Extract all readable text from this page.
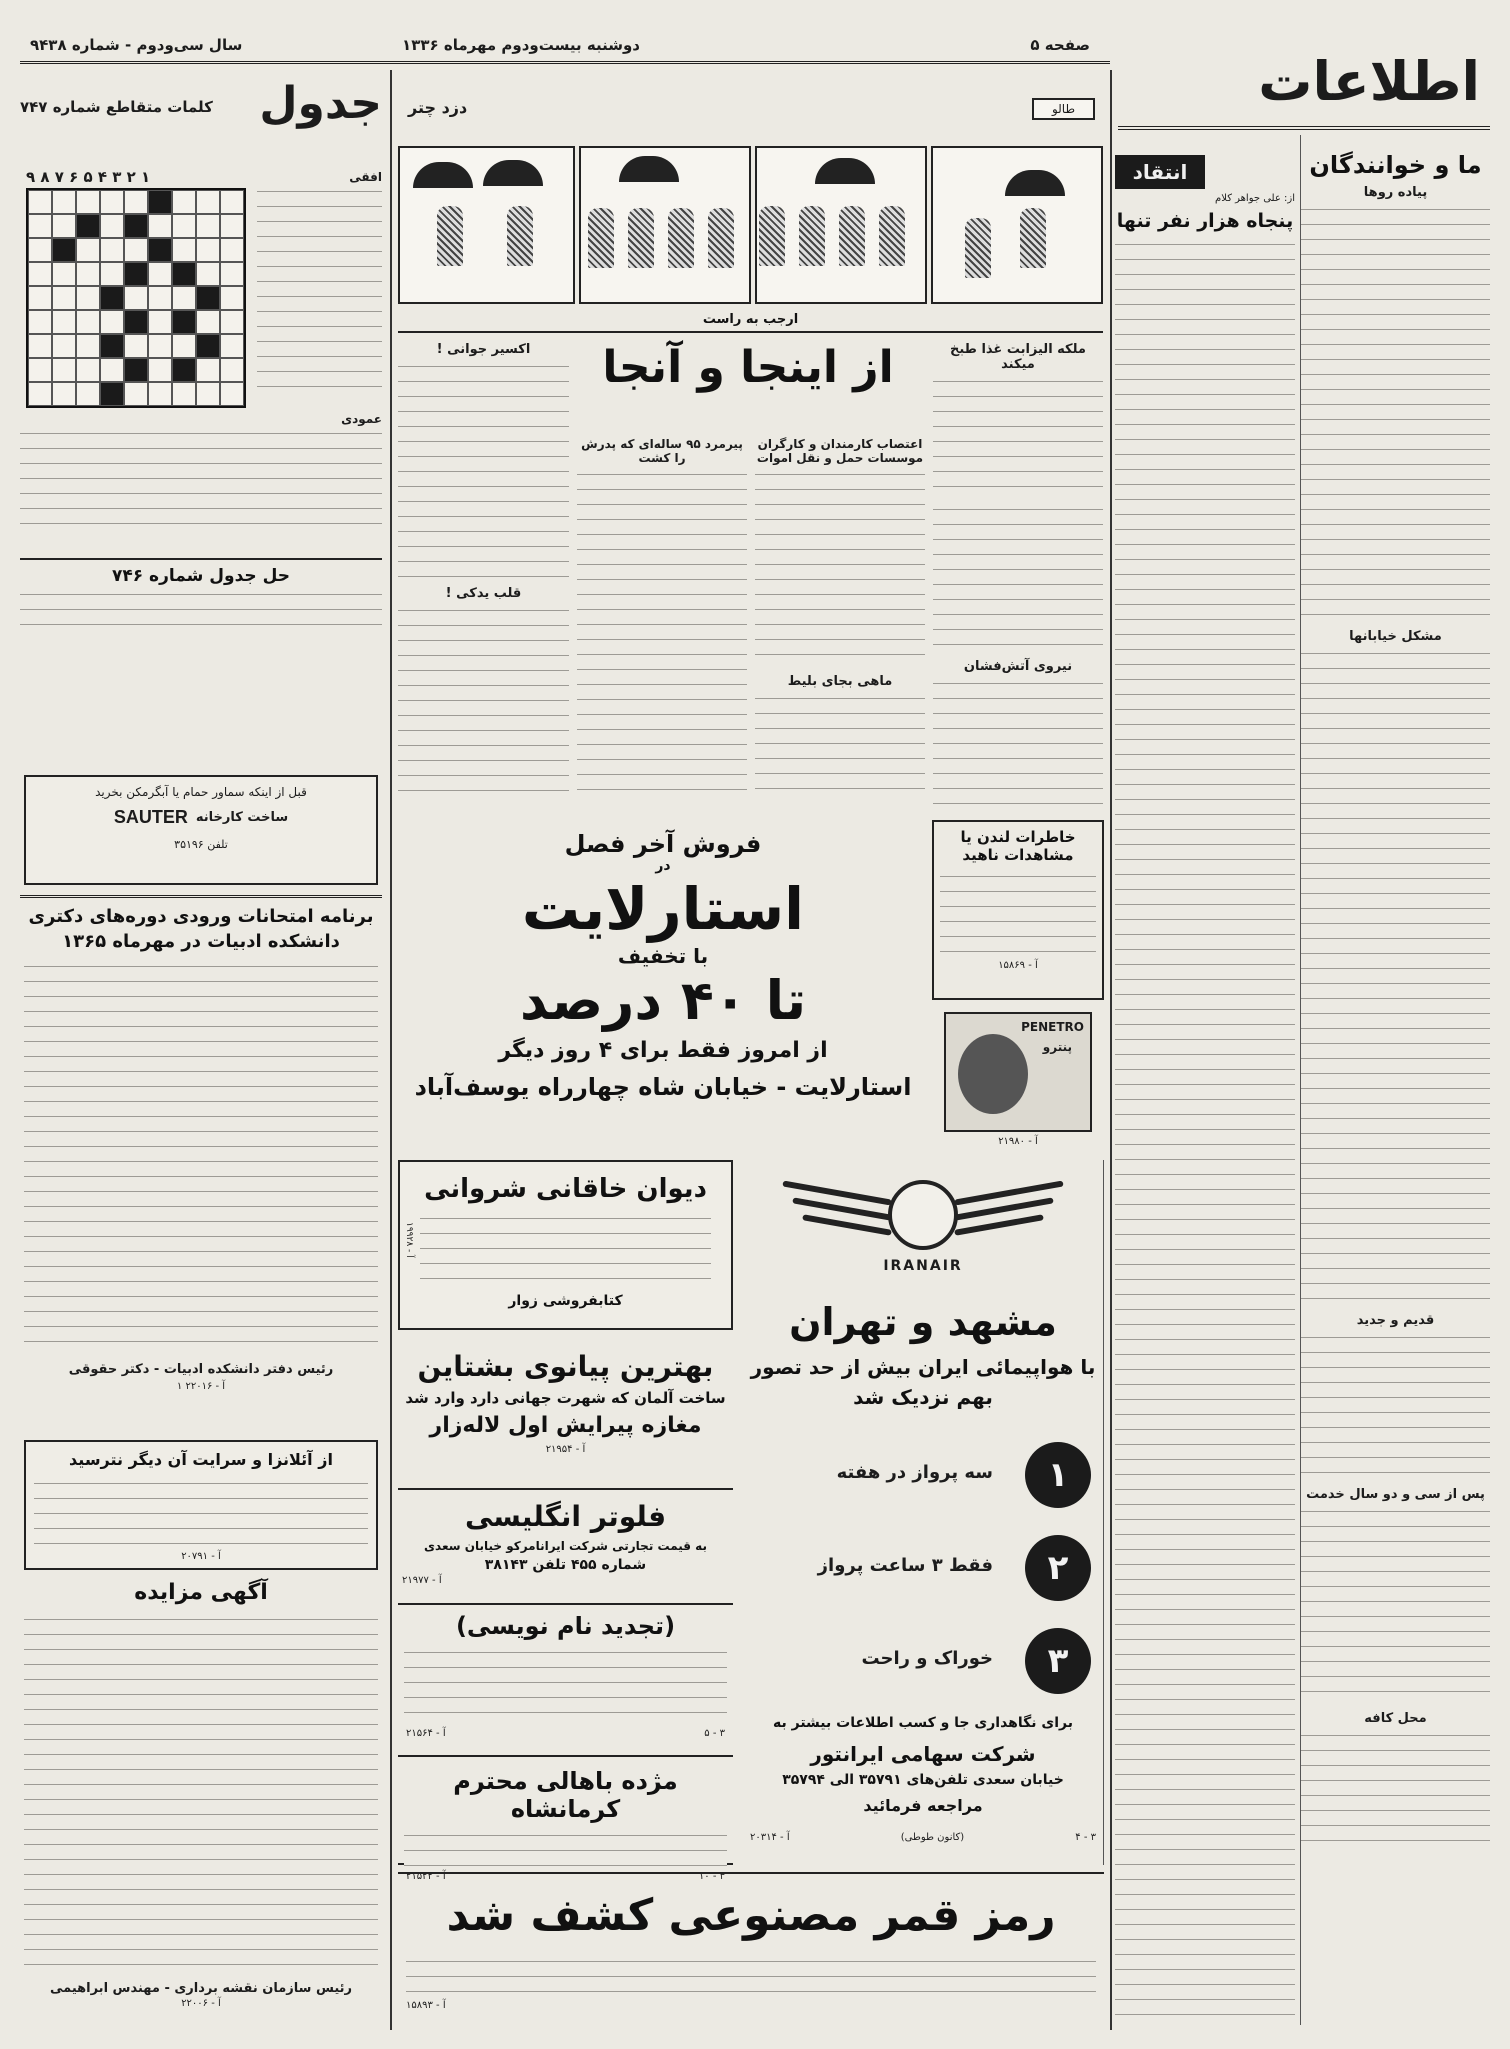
صفحه ۵
دوشنبه بیست‌ودوم مهرماه ۱۳۳۶
سال سی‌ودوم - شماره ۹۴۳۸
اطلاعات
ما و خوانندگان
پیاده روها
مشکل خیابانها
قدیم و جدید
پس از سی و دو سال خدمت
محل کافه
انتقاد
از: علی جواهر کلام
پنجاه هزار نفر تنها
طالو
دزد چتر
ارجب به راست
از اینجا و آنجا	ملکه الیزابت غذا طبخ میکند
نیروی آتش‌فشان
اعتصاب کارمندان و کارگران موسسات حمل و نقل اموات
ماهی بجای بلیط
پیرمرد ۹۵ ساله‌ای که پدرش را کشت
اکسیر جوانی !
قلب یدکی !
جدول
کلمات متقاطع شماره ۷۴۷
۹ ۸ ۷ ۶ ۵ ۴ ۳ ۲ ۱	افقی
عمودی
حل جدول شماره ۷۴۶
قبل از اینکه سماور حمام یا آبگرمکن بخرید
ساخت کارخانه
SAUTER
تلفن ۳۵۱۹۶
برنامه امتحانات ورودی دوره‌های دکتری
دانشکده ادبیات در مهرماه ۱۳۶۵
رئیس دفتر دانشکده ادبیات - دکتر حقوقی
آ - ۲۲۰۱۶ ۱
از آئلانزا و سرایت آن دیگر نترسید
آ - ۲۰۷۹۱
آگهی مزایده
رئیس سازمان نقشه برداری - مهندس ابراهیمی
آ - ۲۲۰۰۶
فروش آخر فصل
در
استارلایت
با تخفیف
تا ۴۰ درصد
از امروز فقط برای ۴ روز دیگر
استارلایت - خیابان شاه چهارراه یوسف‌آباد
خاطرات لندن یا
مشاهدات ناهید
آ - ۱۵۸۶۹
PENETRO
پنترو
آ - ۲۱۹۸۰
دیوان خاقانی شروانی
کتابفروشی زوار
آ - ۱۹۹۲۸
بهترین پیانوی بشتاین
ساخت آلمان که شهرت جهانی دارد وارد شد
مغازه پیرایش اول لاله‌زار
آ - ۲۱۹۵۴
فلوتر انگلیسی
به قیمت تجارتی شرکت ایرانامرکو خیابان سعدی
شماره ۴۵۵ تلفن ۳۸۱۴۳
آ - ۲۱۹۷۷
(تجدید نام نویسی)
۳ - ۵
آ - ۲۱۵۶۴
مژده باهالی محترم کرمانشاه
۳ - ۱۰
آ - ۲۱۵۲۲
IRANAIR
مشهد و تهران
با هواپیمائی ایران بیش از حد تصور
بهم نزدیک شد
۱
سه پرواز در هفته
۲
فقط ۳ ساعت پرواز
۳
خوراک و راحت
برای نگاهداری جا و کسب اطلاعات بیشتر به
شرکت سهامی ایرانتور
خیابان سعدی تلفن‌های ۳۵۷۹۱ الی ۳۵۷۹۴
مراجعه فرمائید
۳ - ۴
(کانون طوطی)
آ - ۲۰۳۱۴
رمز قمر مصنوعی کشف شد
آ - ۱۵۸۹۳
